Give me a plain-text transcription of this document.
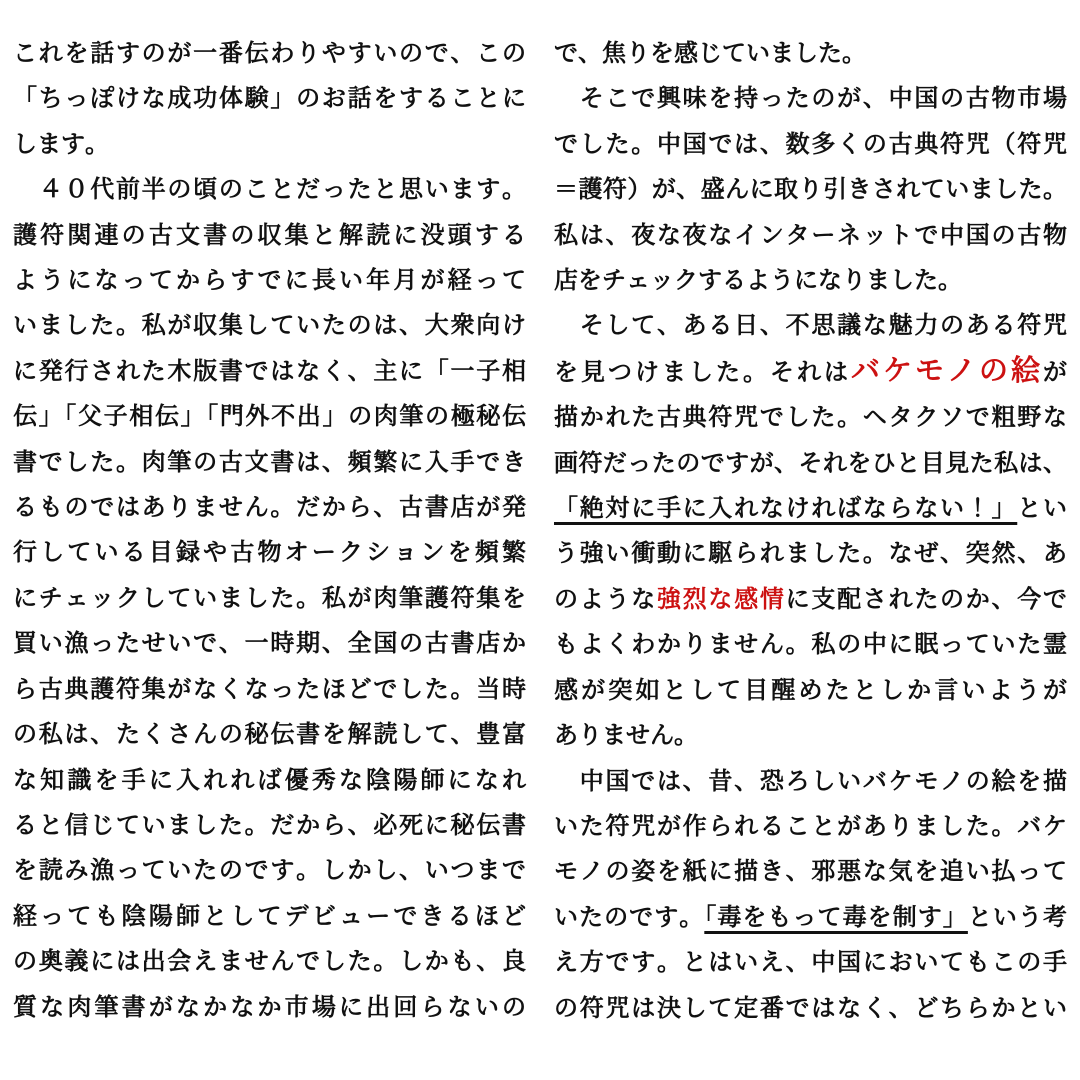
これを話すのが一番伝わりやすいので、この
「ちっぽけな成功体験」のお話をすることに
します。
　４０代前半の頃のことだったと思います。
護符関連の古文書の収集と解読に没頭する
ようになってからすでに長い年月が経って
いました。私が収集していたのは、大衆向け
に発行された木版書ではなく、主に「一子相
伝」「父子相伝」「門外不出」の肉筆の極秘伝
書でした。肉筆の古文書は、頻繁に入手でき
るものではありません。だから、古書店が発
行している目録や古物オークションを頻繁
にチェックしていました。私が肉筆護符集を
買い漁ったせいで、一時期、全国の古書店か
ら古典護符集がなくなったほどでした。当時
の私は、たくさんの秘伝書を解読して、豊富
な知識を手に入れれば優秀な陰陽師になれ
ると信じていました。だから、必死に秘伝書
を読み漁っていたのです。しかし、いつまで
経っても陰陽師としてデビューできるほど
の奥義には出会えませんでした。しかも、良
質な肉筆書がなかなか市場に出回らないの
で、焦りを感じていました。
　そこで興味を持ったのが、中国の古物市場
でした。中国では、数多くの古典符咒（符咒
＝護符）が、盛んに取り引きされていました。
私は、夜な夜なインターネットで中国の古物
店をチェックするようになりました。
　そして、ある日、不思議な魅力のある符咒
を見つけました。それはバケモノの絵が
描かれた古典符咒でした。ヘタクソで粗野な
画符だったのですが、それをひと目見た私は、
「絶対に手に入れなければならない！」とい
う強い衝動に駆られました。なぜ、突然、あ
のような強烈な感情に支配されたのか、今で
もよくわかりません。私の中に眠っていた霊
感が突如として目醒めたとしか言いようが
ありません。
　中国では、昔、恐ろしいバケモノの絵を描
いた符咒が作られることがありました。バケ
モノの姿を紙に描き、邪悪な気を追い払って
いたのです。「毒をもって毒を制す」という考
え方です。とはいえ、中国においてもこの手
の符咒は決して定番ではなく、どちらかとい
